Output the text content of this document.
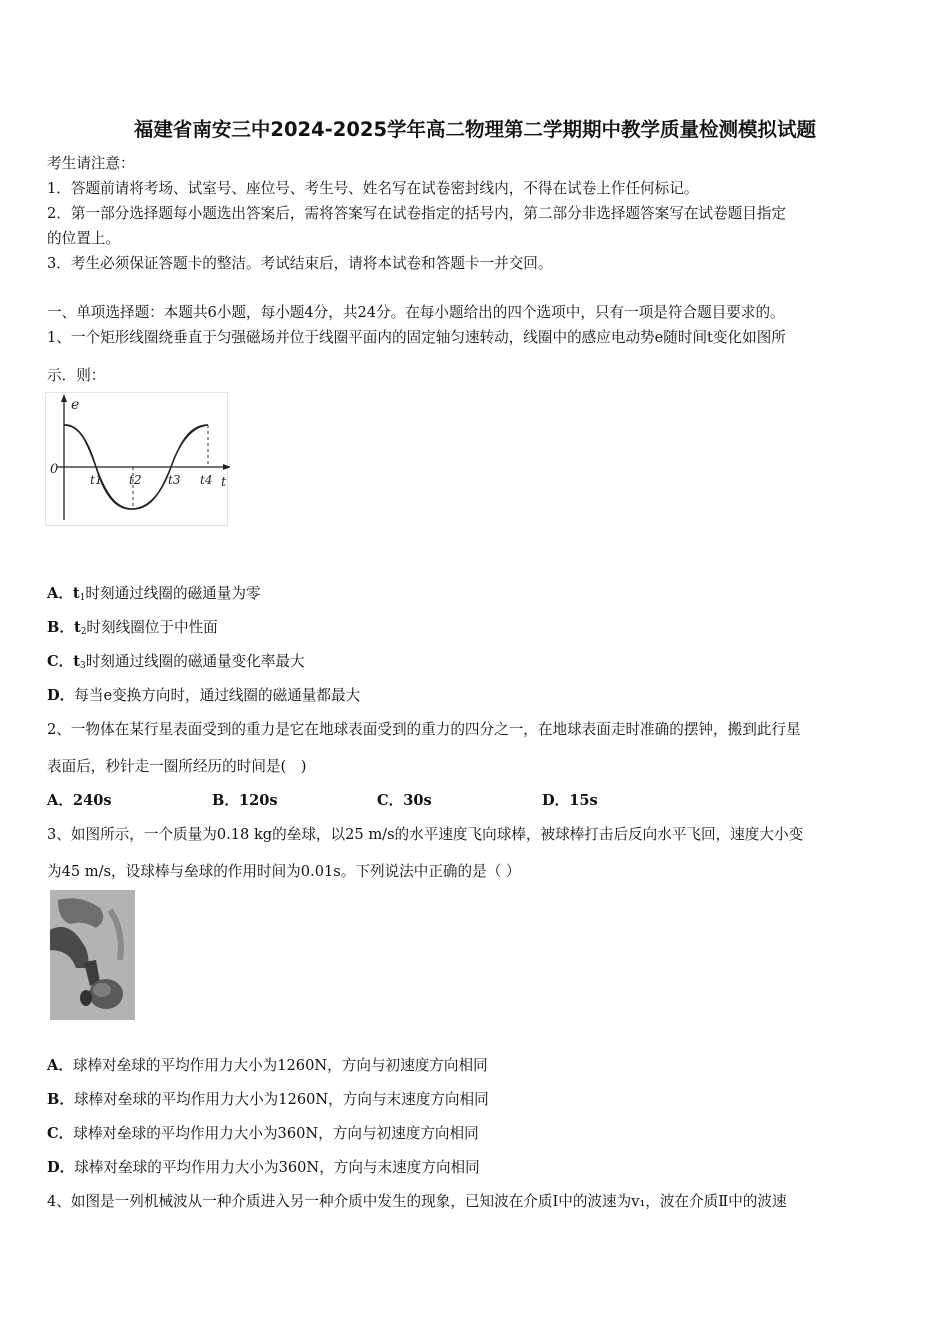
福建省南安三中2024-2025学年高二物理第二学期期中教学质量检测模拟试题
考生请注意：
1．答题前请将考场、试室号、座位号、考生号、姓名写在试卷密封线内，不得在试卷上作任何标记。
2．第一部分选择题每小题选出答案后，需将答案写在试卷指定的括号内，第二部分非选择题答案写在试卷题目指定
的位置上。
3．考生必须保证答题卡的整洁。考试结束后，请将本试卷和答题卡一并交回。
一、单项选择题：本题共6小题，每小题4分，共24分。在每小题给出的四个选项中，只有一项是符合题目要求的。
1、一个矩形线圈绕垂直于匀强磁场并位于线圈平面内的固定轴匀速转动，线圈中的感应电动势e随时间t变化如图所
示．则：
e
t
0
t1 t2 t3 t4
A．$t_1$时刻通过线圈的磁通量为零
B．$t_2$时刻线圈位于中性面
C．$t_3$时刻通过线圈的磁通量变化率最大
D．每当e变换方向时，通过线圈的磁通量都最大
2、一物体在某行星表面受到的重力是它在地球表面受到的重力的四分之一，在地球表面走时准确的摆钟，搬到此行星
表面后，秒针走一圈所经历的时间是(　)
A．240s	B．120s	C．30s	D．15s
3、如图所示，一个质量为0.18 kg的垒球，以25 m/s的水平速度飞向球棒，被球棒打击后反向水平飞回，速度大小变
为45 m/s，设球棒与垒球的作用时间为0.01s。下列说法中正确的是（ ）
A．球棒对垒球的平均作用力大小为1260N，方向与初速度方向相同
B．球棒对垒球的平均作用力大小为1260N，方向与末速度方向相同
C．球棒对垒球的平均作用力大小为360N，方向与初速度方向相同
D．球棒对垒球的平均作用力大小为360N，方向与末速度方向相同
4、如图是一列机械波从一种介质进入另一种介质中发生的现象，已知波在介质Ⅰ中的波速为v₁，波在介质Ⅱ中的波速
